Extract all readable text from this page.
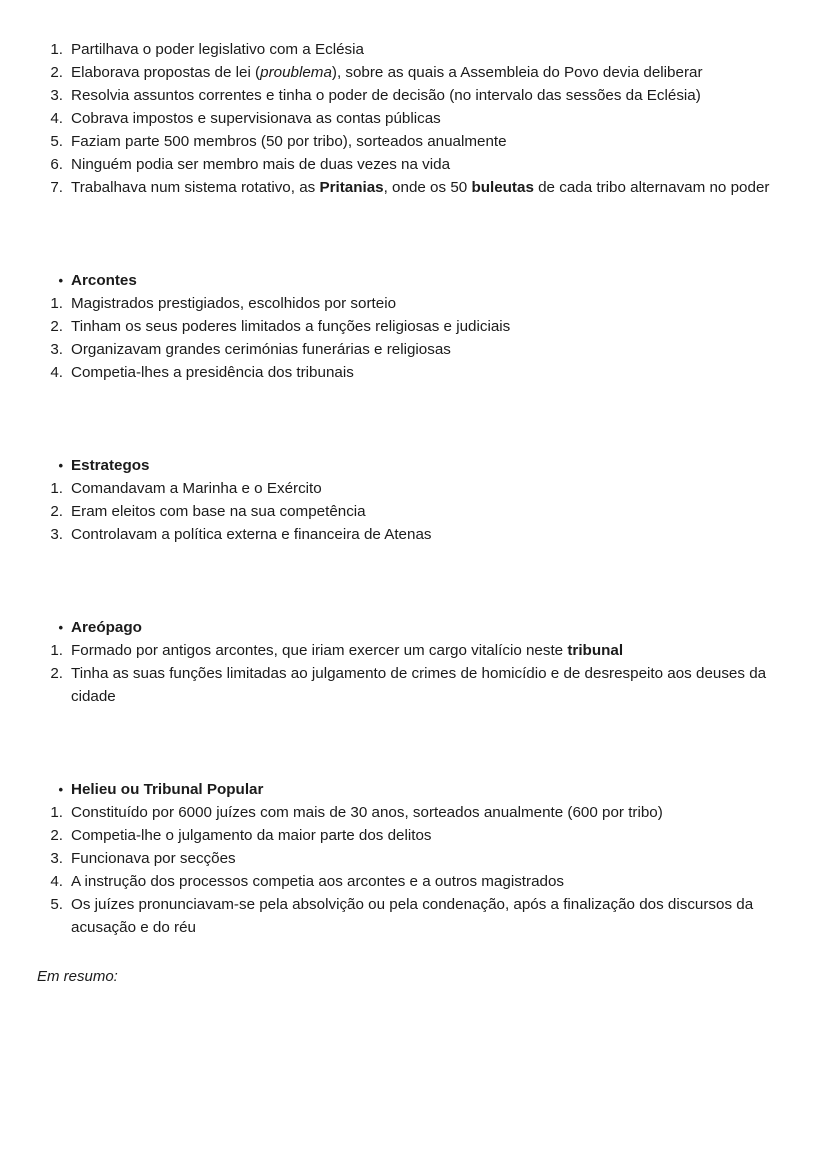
1. Partilhava o poder legislativo com a Eclésia
2. Elaborava propostas de lei (proublema), sobre as quais a Assembleia do Povo devia deliberar
3. Resolvia assuntos correntes e tinha o poder de decisão (no intervalo das sessões da Eclésia)
4. Cobrava impostos e supervisionava as contas públicas
5. Faziam parte 500 membros (50 por tribo), sorteados anualmente
6. Ninguém podia ser membro mais de duas vezes na vida
7. Trabalhava num sistema rotativo, as Pritanias, onde os 50 buleutas de cada tribo alternavam no poder
• Arcontes
1. Magistrados prestigiados, escolhidos por sorteio
2. Tinham os seus poderes limitados a funções religiosas e judiciais
3. Organizavam grandes cerimónias funerárias e religiosas
4. Competia-lhes a presidência dos tribunais
• Estrategos
1. Comandavam a Marinha e o Exército
2. Eram eleitos com base na sua competência
3. Controlavam a política externa e financeira de Atenas
• Areópago
1. Formado por antigos arcontes, que iriam exercer um cargo vitalício neste tribunal
2. Tinha as suas funções limitadas ao julgamento de crimes de homicídio e de desrespeito aos deuses da cidade
• Helieu ou Tribunal Popular
1. Constituído por 6000 juízes com mais de 30 anos, sorteados anualmente (600 por tribo)
2. Competia-lhe o julgamento da maior parte dos delitos
3. Funcionava por secções
4. A instrução dos processos competia aos arcontes e a outros magistrados
5. Os juízes pronunciavam-se pela absolvição ou pela condenação, após a finalização dos discursos da acusação e do réu

Em resumo:
